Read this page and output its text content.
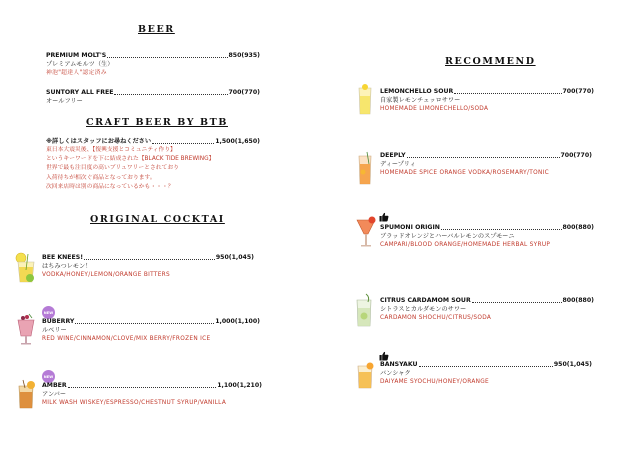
BEER
PREMIUM MOLT'S	850(935)
プレミアムモルツ（生）
神泡"超達人"認定済み
SUNTORY ALL FREE	700(770)
オールフリー
CRAFT BEER BY BTB
※詳しくはスタッフにお尋ねください	1,500(1,650)
東日本大震災後、【復興支援とコミュニティ作り】
というキーワードを下に結成された【BLACK TIDE BREWING】
世界で最も注目度の高いブリュワリーとされており
入荷待ちが相次ぐ商品となっております。
次回来店時は別の商品になっているかも・・・？
ORIGINAL COCKTAI
BEE KNEES!	950(1,045)
はちみつレモン！
VODKA/HONEY/LEMON/ORANGE BITTERS
NEW
BUBERRY	1,000(1,100)
ルベリー
RED WINE/CINNAMON/CLOVE/MIX BERRY/FROZEN ICE
NEW
AMBER	1,100(1,210)
アンバー
MILK WASH WISKEY/ESPRESSO/CHESTNUT SYRUP/VANILLA
RECOMMEND
LEMONCHELLO SOUR	700(770)
自家製レモンチェッロサワー
HOMEMADE LIMONECHELLO/SODA
DEEPLY	700(770)
ディープリィ
HOMEMADE SPICE ORANGE VODKA/ROSEMARY/TONIC
SPUMONI ORIGIN	800(880)
ブラッドオレンジとハーバルレモンのスプモーニ
CAMPARI/BLOOD ORANGE/HOMEMADE HERBAL SYRUP
CITRUS CARDAMOM SOUR	800(880)
シトラスとカルダモンのサワー
CARDAMON SHOCHU/CITRUS/SODA
BANSYAKU	950(1,045)
バンシャク
DAIYAME SYOCHU/HONEY/ORANGE
